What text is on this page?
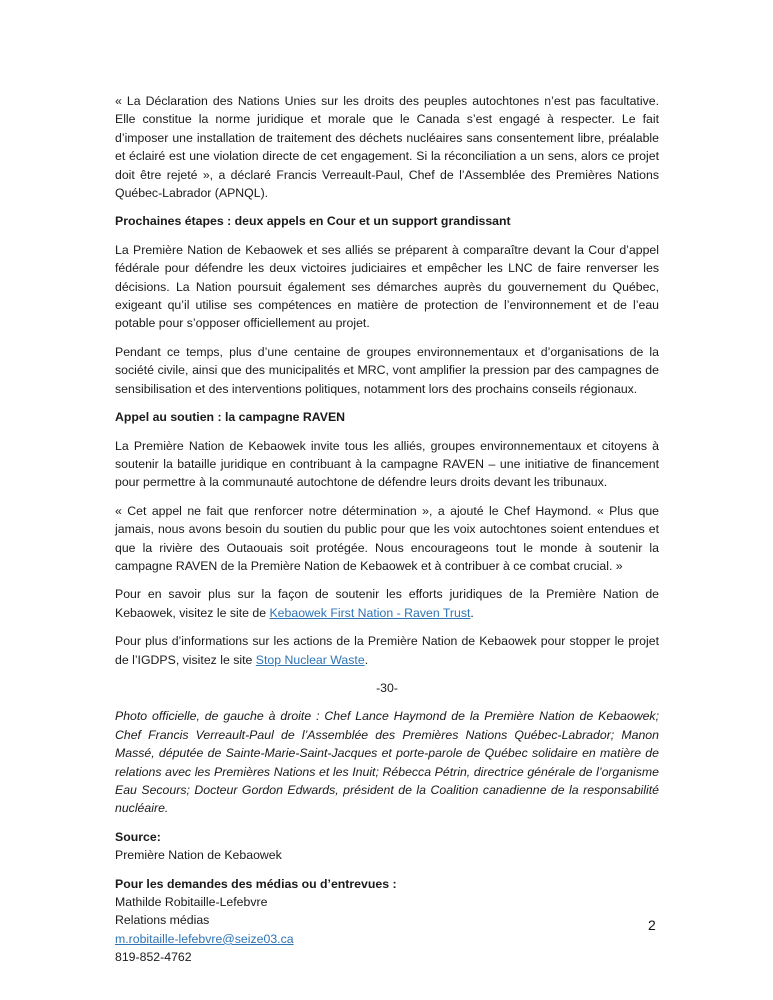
« La Déclaration des Nations Unies sur les droits des peuples autochtones n’est pas facultative. Elle constitue la norme juridique et morale que le Canada s’est engagé à respecter. Le fait d’imposer une installation de traitement des déchets nucléaires sans consentement libre, préalable et éclairé est une violation directe de cet engagement. Si la réconciliation a un sens, alors ce projet doit être rejeté », a déclaré Francis Verreault-Paul, Chef de l’Assemblée des Premières Nations Québec-Labrador (APNQL).

Prochaines étapes : deux appels en Cour et un support grandissant

La Première Nation de Kebaowek et ses alliés se préparent à comparaître devant la Cour d’appel fédérale pour défendre les deux victoires judiciaires et empêcher les LNC de faire renverser les décisions. La Nation poursuit également ses démarches auprès du gouvernement du Québec, exigeant qu’il utilise ses compétences en matière de protection de l’environnement et de l’eau potable pour s’opposer officiellement au projet.

Pendant ce temps, plus d’une centaine de groupes environnementaux et d’organisations de la société civile, ainsi que des municipalités et MRC, vont amplifier la pression par des campagnes de sensibilisation et des interventions politiques, notamment lors des prochains conseils régionaux.

Appel au soutien : la campagne RAVEN

La Première Nation de Kebaowek invite tous les alliés, groupes environnementaux et citoyens à soutenir la bataille juridique en contribuant à la campagne RAVEN – une initiative de financement pour permettre à la communauté autochtone de défendre leurs droits devant les tribunaux.

« Cet appel ne fait que renforcer notre détermination », a ajouté le Chef Haymond. « Plus que jamais, nous avons besoin du soutien du public pour que les voix autochtones soient entendues et que la rivière des Outaouais soit protégée. Nous encourageons tout le monde à soutenir la campagne RAVEN de la Première Nation de Kebaowek et à contribuer à ce combat crucial. »

Pour en savoir plus sur la façon de soutenir les efforts juridiques de la Première Nation de Kebaowek, visitez le site de Kebaowek First Nation - Raven Trust.

Pour plus d’informations sur les actions de la Première Nation de Kebaowek pour stopper le projet de l’IGDPS, visitez le site Stop Nuclear Waste.

-30-

Photo officielle, de gauche à droite : Chef Lance Haymond de la Première Nation de Kebaowek; Chef Francis Verreault-Paul de l’Assemblée des Premières Nations Québec-Labrador; Manon Massé, députée de Sainte-Marie-Saint-Jacques et porte-parole de Québec solidaire en matière de relations avec les Premières Nations et les Inuit; Rébecca Pétrin, directrice générale de l’organisme Eau Secours; Docteur Gordon Edwards, président de la Coalition canadienne de la responsabilité nucléaire.

Source:
Première Nation de Kebaowek
Pour les demandes des médias ou d’entrevues :
Mathilde Robitaille-Lefebvre
Relations médias
m.robitaille-lefebvre@seize03.ca
819-852-4762
2
